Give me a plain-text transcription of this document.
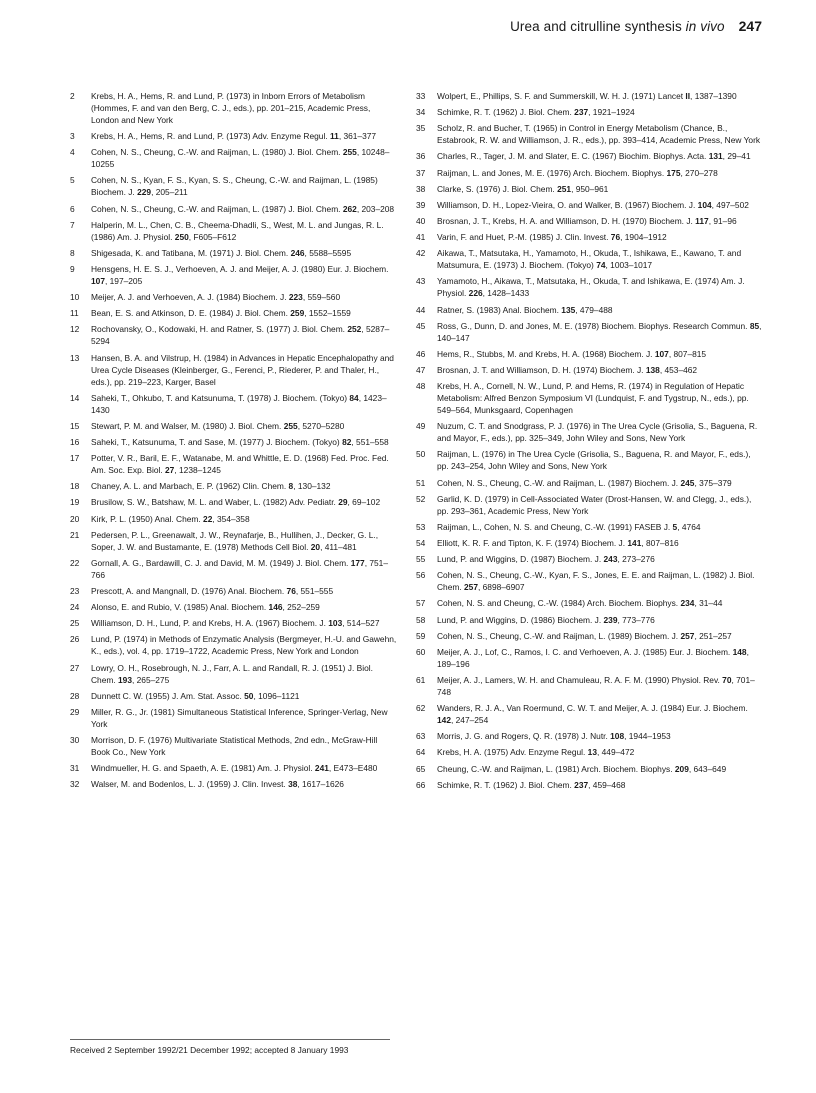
Urea and citrulline synthesis in vivo 247
2	Krebs, H. A., Hems, R. and Lund, P. (1973) in Inborn Errors of Metabolism (Hommes, F. and van den Berg, C. J., eds.), pp. 201–215, Academic Press, London and New York
3	Krebs, H. A., Hems, R. and Lund, P. (1973) Adv. Enzyme Regul. 11, 361–377
4	Cohen, N. S., Cheung, C.-W. and Raijman, L. (1980) J. Biol. Chem. 255, 10248–10255
5	Cohen, N. S., Kyan, F. S., Kyan, S. S., Cheung, C.-W. and Raijman, L. (1985) Biochem. J. 229, 205–211
6	Cohen, N. S., Cheung, C.-W. and Raijman, L. (1987) J. Biol. Chem. 262, 203–208
7	Halperin, M. L., Chen, C. B., Cheema-Dhadli, S., West, M. L. and Jungas, R. L. (1986) Am. J. Physiol. 250, F605–F612
8	Shigesada, K. and Tatibana, M. (1971) J. Biol. Chem. 246, 5588–5595
9	Hensgens, H. E. S. J., Verhoeven, A. J. and Meijer, A. J. (1980) Eur. J. Biochem. 107, 197–205
10	Meijer, A. J. and Verhoeven, A. J. (1984) Biochem. J. 223, 559–560
11	Bean, E. S. and Atkinson, D. E. (1984) J. Biol. Chem. 259, 1552–1559
12	Rochovansky, O., Kodowaki, H. and Ratner, S. (1977) J. Biol. Chem. 252, 5287–5294
13	Hansen, B. A. and Vilstrup, H. (1984) in Advances in Hepatic Encephalopathy and Urea Cycle Diseases (Kleinberger, G., Ferenci, P., Riederer, P. and Thaler, H., eds.), pp. 219–223, Karger, Basel
14	Saheki, T., Ohkubo, T. and Katsunuma, T. (1978) J. Biochem. (Tokyo) 84, 1423–1430
15	Stewart, P. M. and Walser, M. (1980) J. Biol. Chem. 255, 5270–5280
16	Saheki, T., Katsunuma, T. and Sase, M. (1977) J. Biochem. (Tokyo) 82, 551–558
17	Potter, V. R., Baril, E. F., Watanabe, M. and Whittle, E. D. (1968) Fed. Proc. Fed. Am. Soc. Exp. Biol. 27, 1238–1245
18	Chaney, A. L. and Marbach, E. P. (1962) Clin. Chem. 8, 130–132
19	Brusilow, S. W., Batshaw, M. L. and Waber, L. (1982) Adv. Pediatr. 29, 69–102
20	Kirk, P. L. (1950) Anal. Chem. 22, 354–358
21	Pedersen, P. L., Greenawalt, J. W., Reynafarje, B., Hullihen, J., Decker, G. L., Soper, J. W. and Bustamante, E. (1978) Methods Cell Biol. 20, 411–481
22	Gornall, A. G., Bardawill, C. J. and David, M. M. (1949) J. Biol. Chem. 177, 751–766
23	Prescott, A. and Mangnall, D. (1976) Anal. Biochem. 76, 551–555
24	Alonso, E. and Rubio, V. (1985) Anal. Biochem. 146, 252–259
25	Williamson, D. H., Lund, P. and Krebs, H. A. (1967) Biochem. J. 103, 514–527
26	Lund, P. (1974) in Methods of Enzymatic Analysis (Bergmeyer, H.-U. and Gawehn, K., eds.), vol. 4, pp. 1719–1722, Academic Press, New York and London
27	Lowry, O. H., Rosebrough, N. J., Farr, A. L. and Randall, R. J. (1951) J. Biol. Chem. 193, 265–275
28	Dunnett C. W. (1955) J. Am. Stat. Assoc. 50, 1096–1121
29	Miller, R. G., Jr. (1981) Simultaneous Statistical Inference, Springer-Verlag, New York
30	Morrison, D. F. (1976) Multivariate Statistical Methods, 2nd edn., McGraw-Hill Book Co., New York
31	Windmueller, H. G. and Spaeth, A. E. (1981) Am. J. Physiol. 241, E473–E480
32	Walser, M. and Bodenlos, L. J. (1959) J. Clin. Invest. 38, 1617–1626
33	Wolpert, E., Phillips, S. F. and Summerskill, W. H. J. (1971) Lancet II, 1387–1390
34	Schimke, R. T. (1962) J. Biol. Chem. 237, 1921–1924
35	Scholz, R. and Bucher, T. (1965) in Control in Energy Metabolism (Chance, B., Estabrook, R. W. and Williamson, J. R., eds.), pp. 393–414, Academic Press, New York
36	Charles, R., Tager, J. M. and Slater, E. C. (1967) Biochim. Biophys. Acta. 131, 29–41
37	Raijman, L. and Jones, M. E. (1976) Arch. Biochem. Biophys. 175, 270–278
38	Clarke, S. (1976) J. Biol. Chem. 251, 950–961
39	Williamson, D. H., Lopez-Vieira, O. and Walker, B. (1967) Biochem. J. 104, 497–502
40	Brosnan, J. T., Krebs, H. A. and Williamson, D. H. (1970) Biochem. J. 117, 91–96
41	Varin, F. and Huet, P.-M. (1985) J. Clin. Invest. 76, 1904–1912
42	Aikawa, T., Matsutaka, H., Yamamoto, H., Okuda, T., Ishikawa, E., Kawano, T. and Matsumura, E. (1973) J. Biochem. (Tokyo) 74, 1003–1017
43	Yamamoto, H., Aikawa, T., Matsutaka, H., Okuda, T. and Ishikawa, E. (1974) Am. J. Physiol. 226, 1428–1433
44	Ratner, S. (1983) Anal. Biochem. 135, 479–488
45	Ross, G., Dunn, D. and Jones, M. E. (1978) Biochem. Biophys. Research Commun. 85, 140–147
46	Hems, R., Stubbs, M. and Krebs, H. A. (1968) Biochem. J. 107, 807–815
47	Brosnan, J. T. and Williamson, D. H. (1974) Biochem. J. 138, 453–462
48	Krebs, H. A., Cornell, N. W., Lund, P. and Hems, R. (1974) in Regulation of Hepatic Metabolism: Alfred Benzon Symposium VI (Lundquist, F. and Tygstrup, N., eds.), pp. 549–564, Munksgaard, Copenhagen
49	Nuzum, C. T. and Snodgrass, P. J. (1976) in The Urea Cycle (Grisolia, S., Baguena, R. and Mayor, F., eds.), pp. 325–349, John Wiley and Sons, New York
50	Raijman, L. (1976) in The Urea Cycle (Grisolia, S., Baguena, R. and Mayor, F., eds.), pp. 243–254, John Wiley and Sons, New York
51	Cohen, N. S., Cheung, C.-W. and Raijman, L. (1987) Biochem. J. 245, 375–379
52	Garlid, K. D. (1979) in Cell-Associated Water (Drost-Hansen, W. and Clegg, J., eds.), pp. 293–361, Academic Press, New York
53	Raijman, L., Cohen, N. S. and Cheung, C.-W. (1991) FASEB J. 5, 4764
54	Elliott, K. R. F. and Tipton, K. F. (1974) Biochem. J. 141, 807–816
55	Lund, P. and Wiggins, D. (1987) Biochem. J. 243, 273–276
56	Cohen, N. S., Cheung, C.-W., Kyan, F. S., Jones, E. E. and Raijman, L. (1982) J. Biol. Chem. 257, 6898–6907
57	Cohen, N. S. and Cheung, C.-W. (1984) Arch. Biochem. Biophys. 234, 31–44
58	Lund, P. and Wiggins, D. (1986) Biochem. J. 239, 773–776
59	Cohen, N. S., Cheung, C.-W. and Raijman, L. (1989) Biochem. J. 257, 251–257
60	Meijer, A. J., Lof, C., Ramos, I. C. and Verhoeven, A. J. (1985) Eur. J. Biochem. 148, 189–196
61	Meijer, A. J., Lamers, W. H. and Chamuleau, R. A. F. M. (1990) Physiol. Rev. 70, 701–748
62	Wanders, R. J. A., Van Roermund, C. W. T. and Meijer, A. J. (1984) Eur. J. Biochem. 142, 247–254
63	Morris, J. G. and Rogers, Q. R. (1978) J. Nutr. 108, 1944–1953
64	Krebs, H. A. (1975) Adv. Enzyme Regul. 13, 449–472
65	Cheung, C.-W. and Raijman, L. (1981) Arch. Biochem. Biophys. 209, 643–649
66	Schimke, R. T. (1962) J. Biol. Chem. 237, 459–468
Received 2 September 1992/21 December 1992; accepted 8 January 1993
